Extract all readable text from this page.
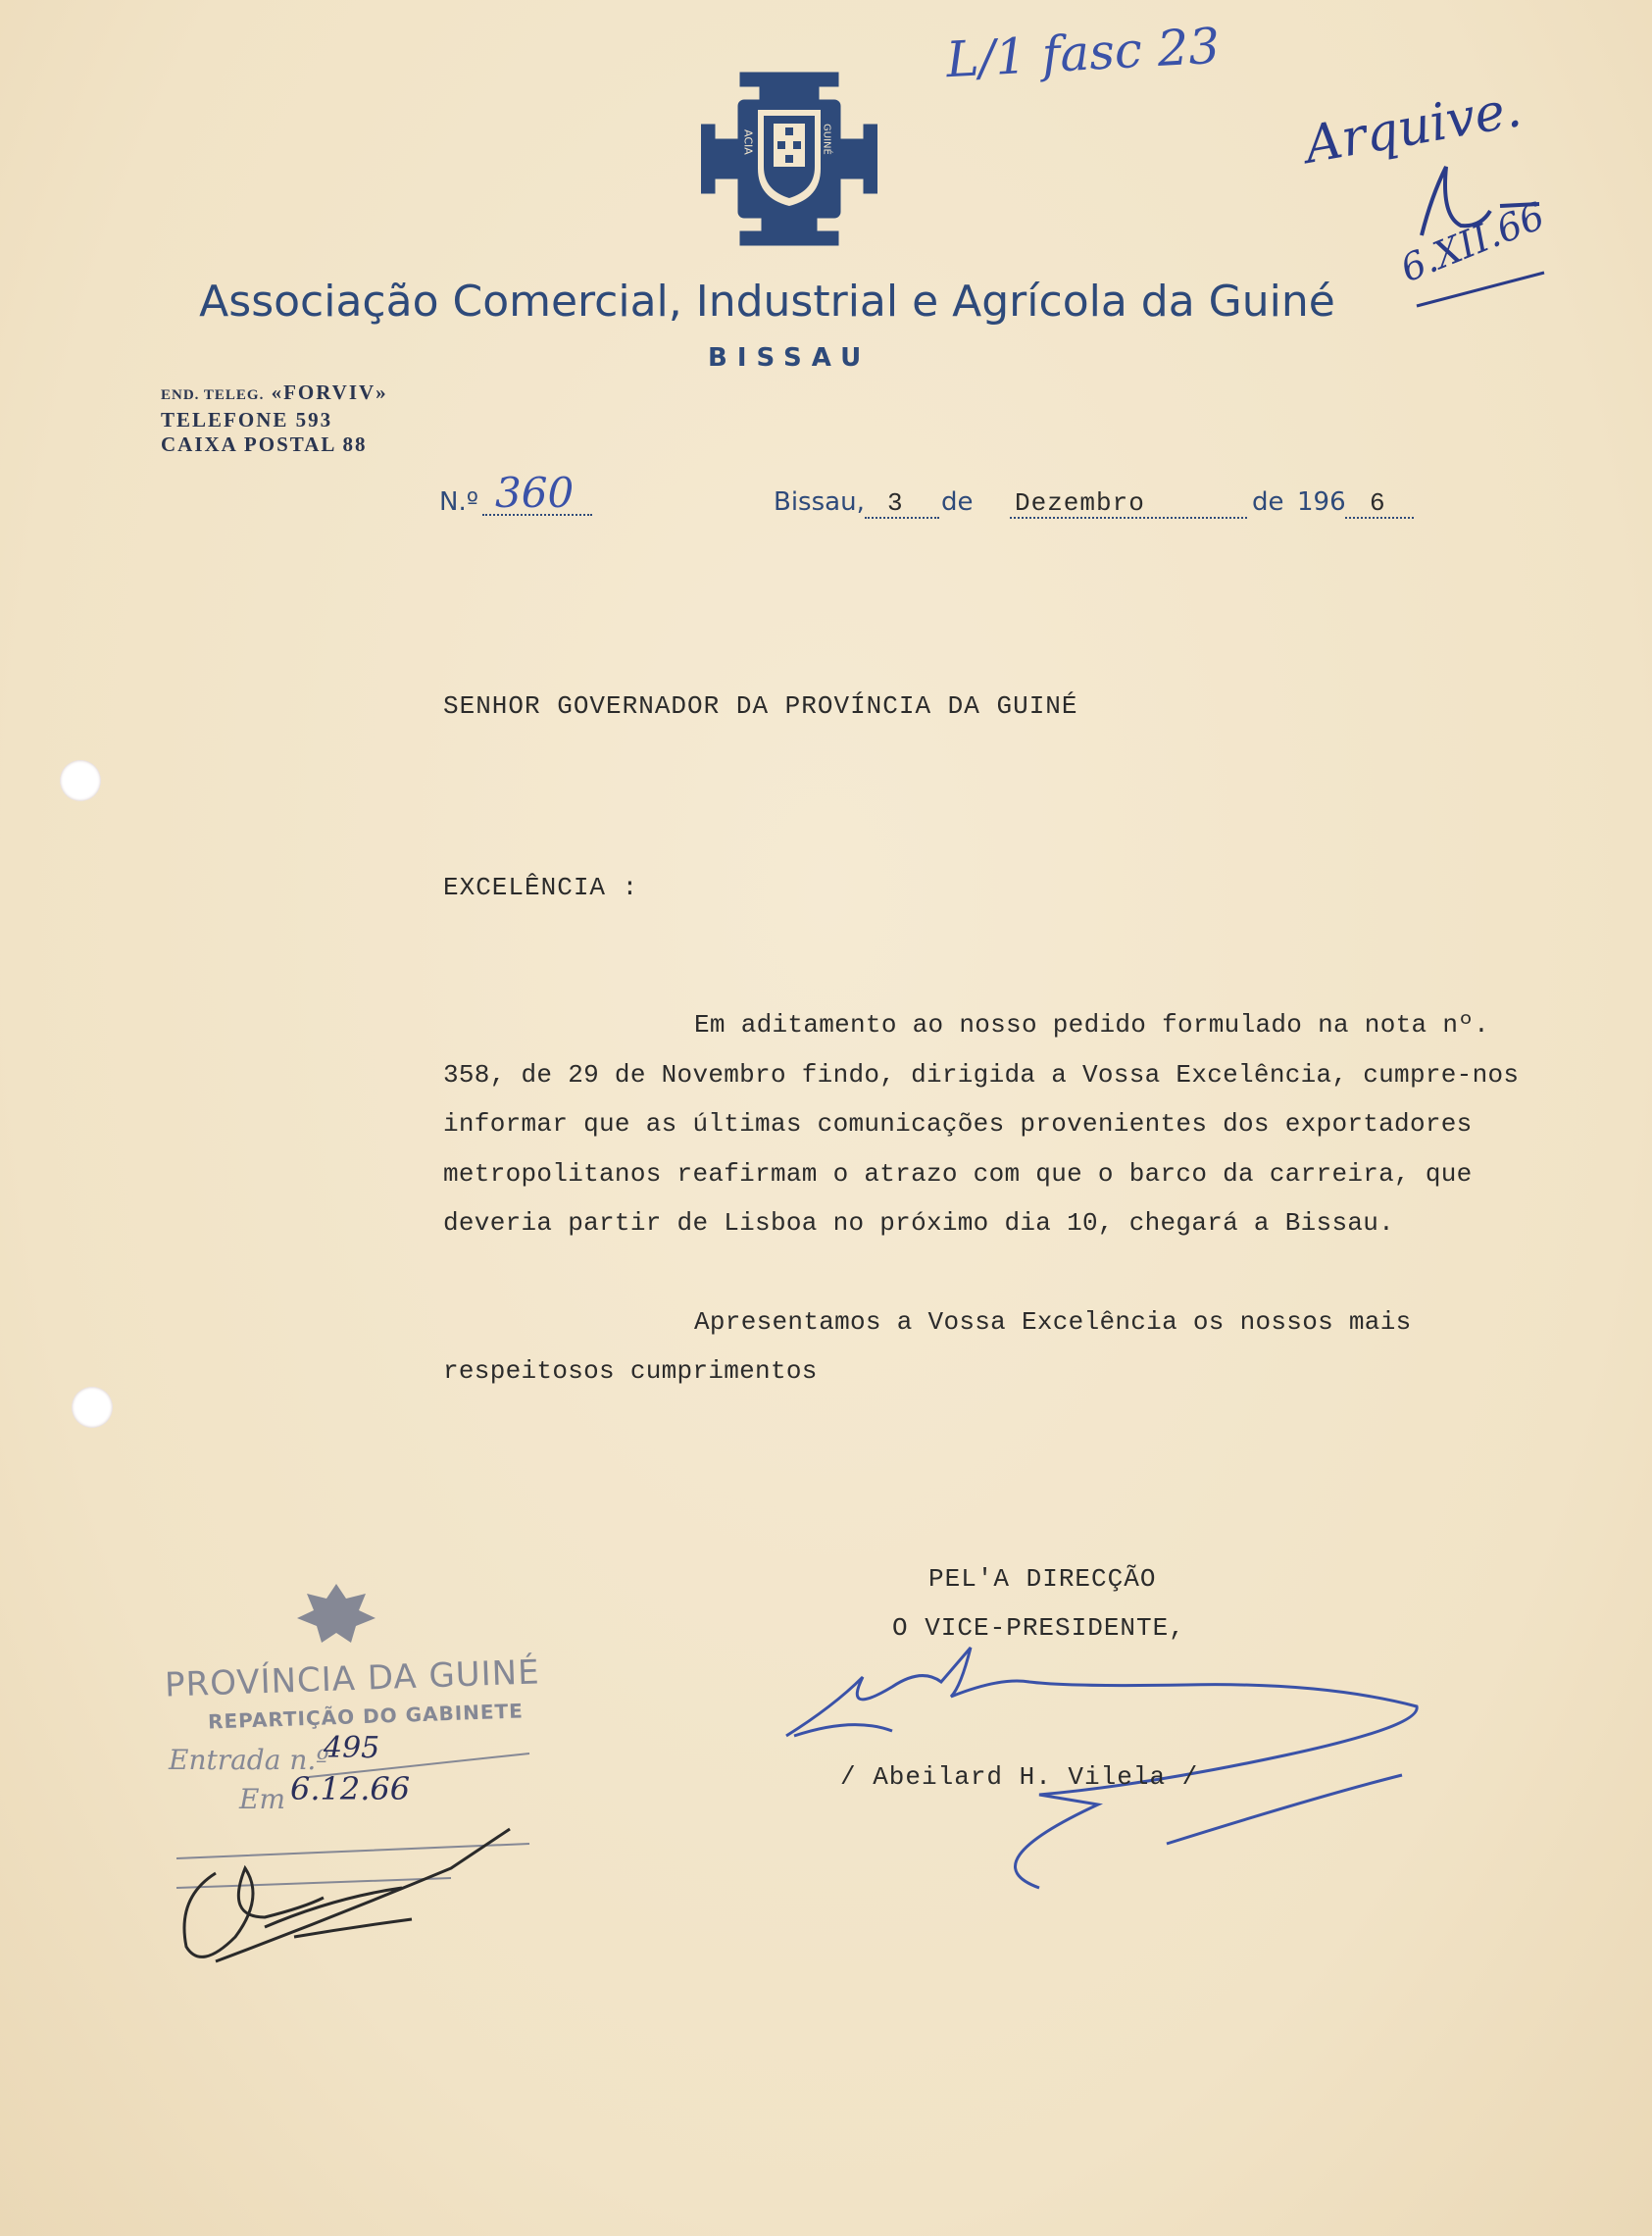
ACIA	GUINÉ
Associação Comercial, Industrial e Agrícola da Guiné
BISSAU
END. TELEG. «FORVIV»
TELEFONE 593
CAIXA POSTAL 88
N.º 360	Bissau, 3 de Dezembro	de 196 6
L/1 fasc 23
Arquive.
6.XII.66
SENHOR GOVERNADOR DA PROVÍNCIA DA GUINÉ
EXCELÊNCIA :

Em aditamento ao nosso pedido formulado na nota nº. 358, de 29 de Novembro findo, dirigida a Vossa Excelência, cumpre-nos informar que as últimas comunicações provenientes dos exportadores metropolitanos reafirmam o atrazo com que o barco da carreira, que deveria partir de Lisboa no próximo dia 10, chegará a Bissau.

Apresentamos a Vossa Excelência os nossos mais respeitosos cumprimentos

PEL'A DIRECÇÃO
O VICE-PRESIDENTE,
/ Abeilard H. Vilela /
PROVÍNCIA DA GUINÉ
REPARTIÇÃO DO GABINETE
Entrada n.º
495
Em 6.12.66
